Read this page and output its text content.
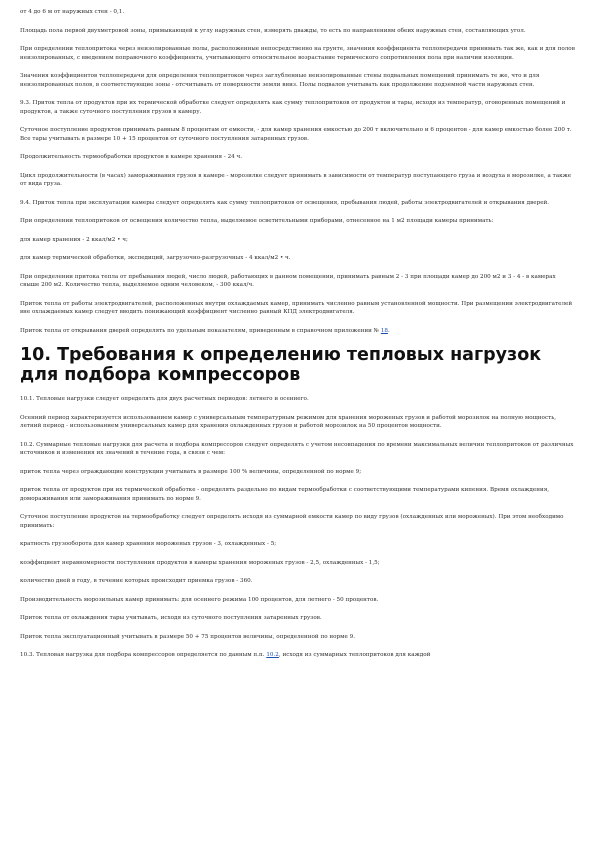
от 4 до 6 м от наружных стен - 0,1.

Площадь пола первой двухметровой зоны, примыкающей к углу наружных стен, измерять дважды, то есть по направлениям обеих наружных стен, составляющих угол.

При определении теплопритока через неизолированные полы, расположенные непосредственно на грунте, значения коэффициента теплопередачи принимать так же, как и для полов неизолированных, с введением поправочного коэффициента, учитывающего относительное возрастание термического сопротивления пола при наличии изоляции.

Значения коэффициентов теплопередачи для определения теплопритоков через заглубленные неизолированные стены подвальных помещений принимать те же, что и для неизолированных полов, в соответствующие зоны - отсчитывать от поверхности земли вниз. Полы подвалов учитывать как продолжение подземной части наружных стен.

9.3. Приток тепла от продуктов при их термической обработке следует определять как сумму теплопритоков от продуктов и тары, исходя из температур, оговоренных помещений и продуктов, а также суточного поступления грузов в камеру.

Суточное поступление продуктов принимать равным 8 процентам от емкости, - для камер хранения емкостью до 200 т включительно и 6 процентов - для камер емкостью более 200 т. Все тары учитывать в размере 10 + 15 процентов от суточного поступления затаренных грузов.

Продолжительность термообработки продуктов в камере хранения - 24 ч.

Цикл продолжительности (в часах) замораживания грузов в камере - морозилке следует принимать в зависимости от температур поступающего груза и воздуха в морозилке, а также от вида груза.

9.4. Приток тепла при эксплуатации камеры следует определять как сумму теплопритоков от освещения, пребывания людей, работы электродвигателей и открывания дверей.

При определении теплопритоков от освещения количество тепла, выделяемое осветительными приборами, отнесенное на 1 м2 площади камеры принимать:

для камер хранения - 2 ккал/м2 • ч;

для камер термической обработки, экспедиций, загрузочно-разгрузочных - 4 ккал/м2 • ч.

При определении притока тепла от пребывания людей, число людей, работающих в данном помещении, принимать равным 2 - 3 при площади камер до 200 м2 и 3 - 4 - в камерах свыше 200 м2. Количество тепла, выделяемое одним человеком, - 300 ккал/ч.

Приток тепла от работы электродвигателей, расположенных внутри охлаждаемых камер, принимать численно равным установленной мощности. При размещении электродвигателей вне охлаждаемых камер следует вводить понижающий коэффициент численно равный КПД электродвигателя.

Приток тепла от открывания дверей определять по удельным показателям, приведенным в справочном приложении № 18.

10. Требования к определению тепловых нагрузок для подбора компрессоров

10.1. Тепловые нагрузки следует определять для двух расчетных периодов: летнего и осеннего.

Осенний период характеризуется использованием камер с универсальным температурным режимом для хранения мороженых грузов и работой морозилок на полную мощность, летний период - использованием универсальных камер для хранения охлажденных грузов и работой морозилок на 50 процентов мощности.

10.2. Суммарные тепловые нагрузки для расчета и подбора компрессоров следует определять с учетом несовпадения по времени максимальных величин теплопритоков от различных источников и изменения их значений в течение года, в связи с чем:

приток тепла через ограждающие конструкции учитывать в размере 100 % величины, определенной по норме 9;

приток тепла от продуктов при их термической обработке - определять раздельно по видам термообработки с соответствующими температурами кипения. Время охлаждения, домораживания или замораживания принимать по норме 9.

Суточное поступление продуктов на термообработку следует определять исходя из суммарной емкости камер по виду грузов (охлажденных или мороженых). При этом необходимо принимать:

кратность грузооборота для камер хранения мороженых грузов - 3, охлажденных - 5;

коэффициент неравномерности поступления продуктов в камеры хранения мороженых грузов - 2,5, охлажденных - 1,5;

количество дней в году, в течение которых происходит приемка грузов - 360.

Производительность морозильных камер принимать: для осеннего режима 100 процентов, для летнего - 50 процентов.

Приток тепла от охлаждения тары учитывать, исходя из суточного поступления затаренных грузов.

Приток тепла эксплуатационный учитывать в размере 50 + 75 процентов величины, определенной по норме 9.

10.3. Тепловая нагрузка для подбора компрессоров определяется по данным п.п. 10.2, исходя из суммарных теплопритоков для каждой
